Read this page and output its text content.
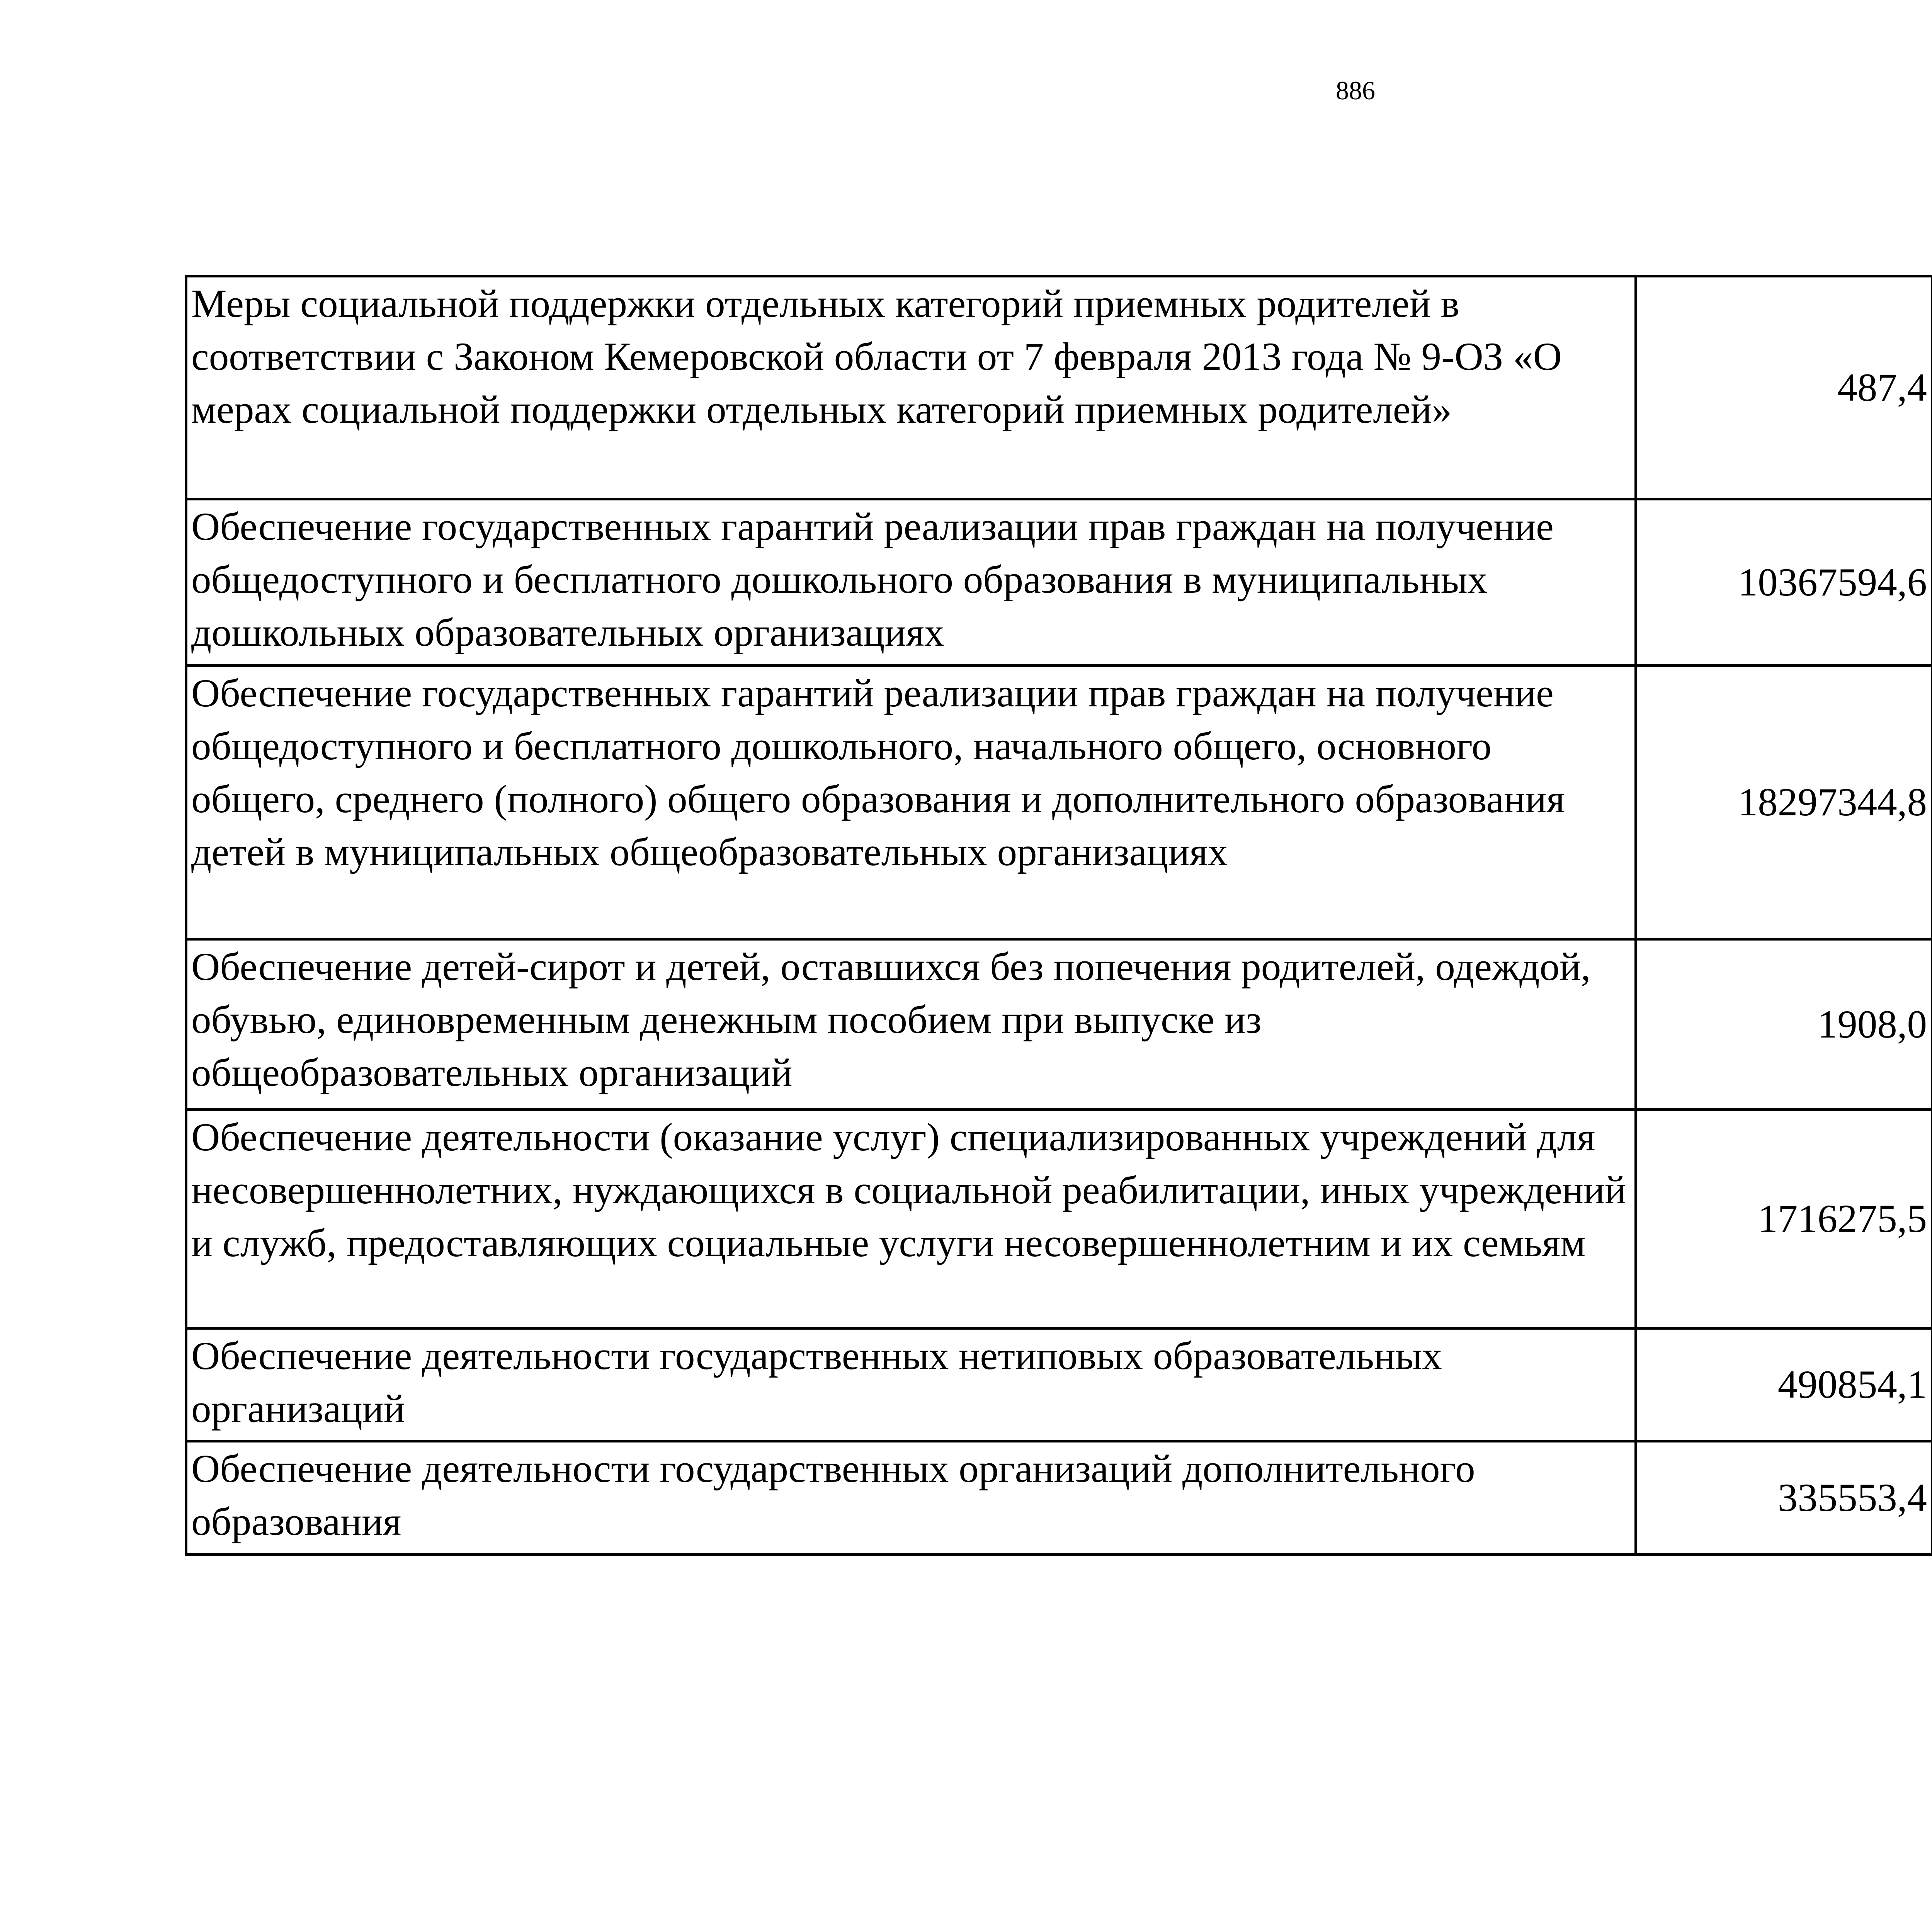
886
Меры социальной поддержки отдельных категорий приемных родителей в соответствии с Законом Кемеровской области от 7 февраля 2013 года № 9-ОЗ «О мерах социальной поддержки отдельных категорий приемных родителей»	487,4		
Обеспечение государственных гарантий реализации прав граждан на получение общедоступного и бесплатного дошкольного образования в муниципальных дошкольных образовательных организациях	10367594,6		
Обеспечение государственных гарантий реализации прав граждан на получение общедоступного и бесплатного дошкольного, начального общего, основного общего, среднего (полного) общего образования и дополнительного образования детей в муниципальных общеобразовательных организациях	18297344,8		
Обеспечение детей-сирот и детей, оставшихся без попечения родителей, одеждой, обувью, единовременным денежным пособием при выпуске из общеобразовательных организаций	1908,0		
Обеспечение деятельности (оказание услуг) специализированных учреждений для несовершеннолетних, нуждающихся в социальной реабилитации, иных учреждений и служб, предоставляющих социальные услуги несовершеннолетним и их семьям	1716275,5		
Обеспечение деятельности государственных нетиповых образовательных организаций	490854,1		
Обеспечение деятельности государственных организаций дополнительного образования	335553,4		
